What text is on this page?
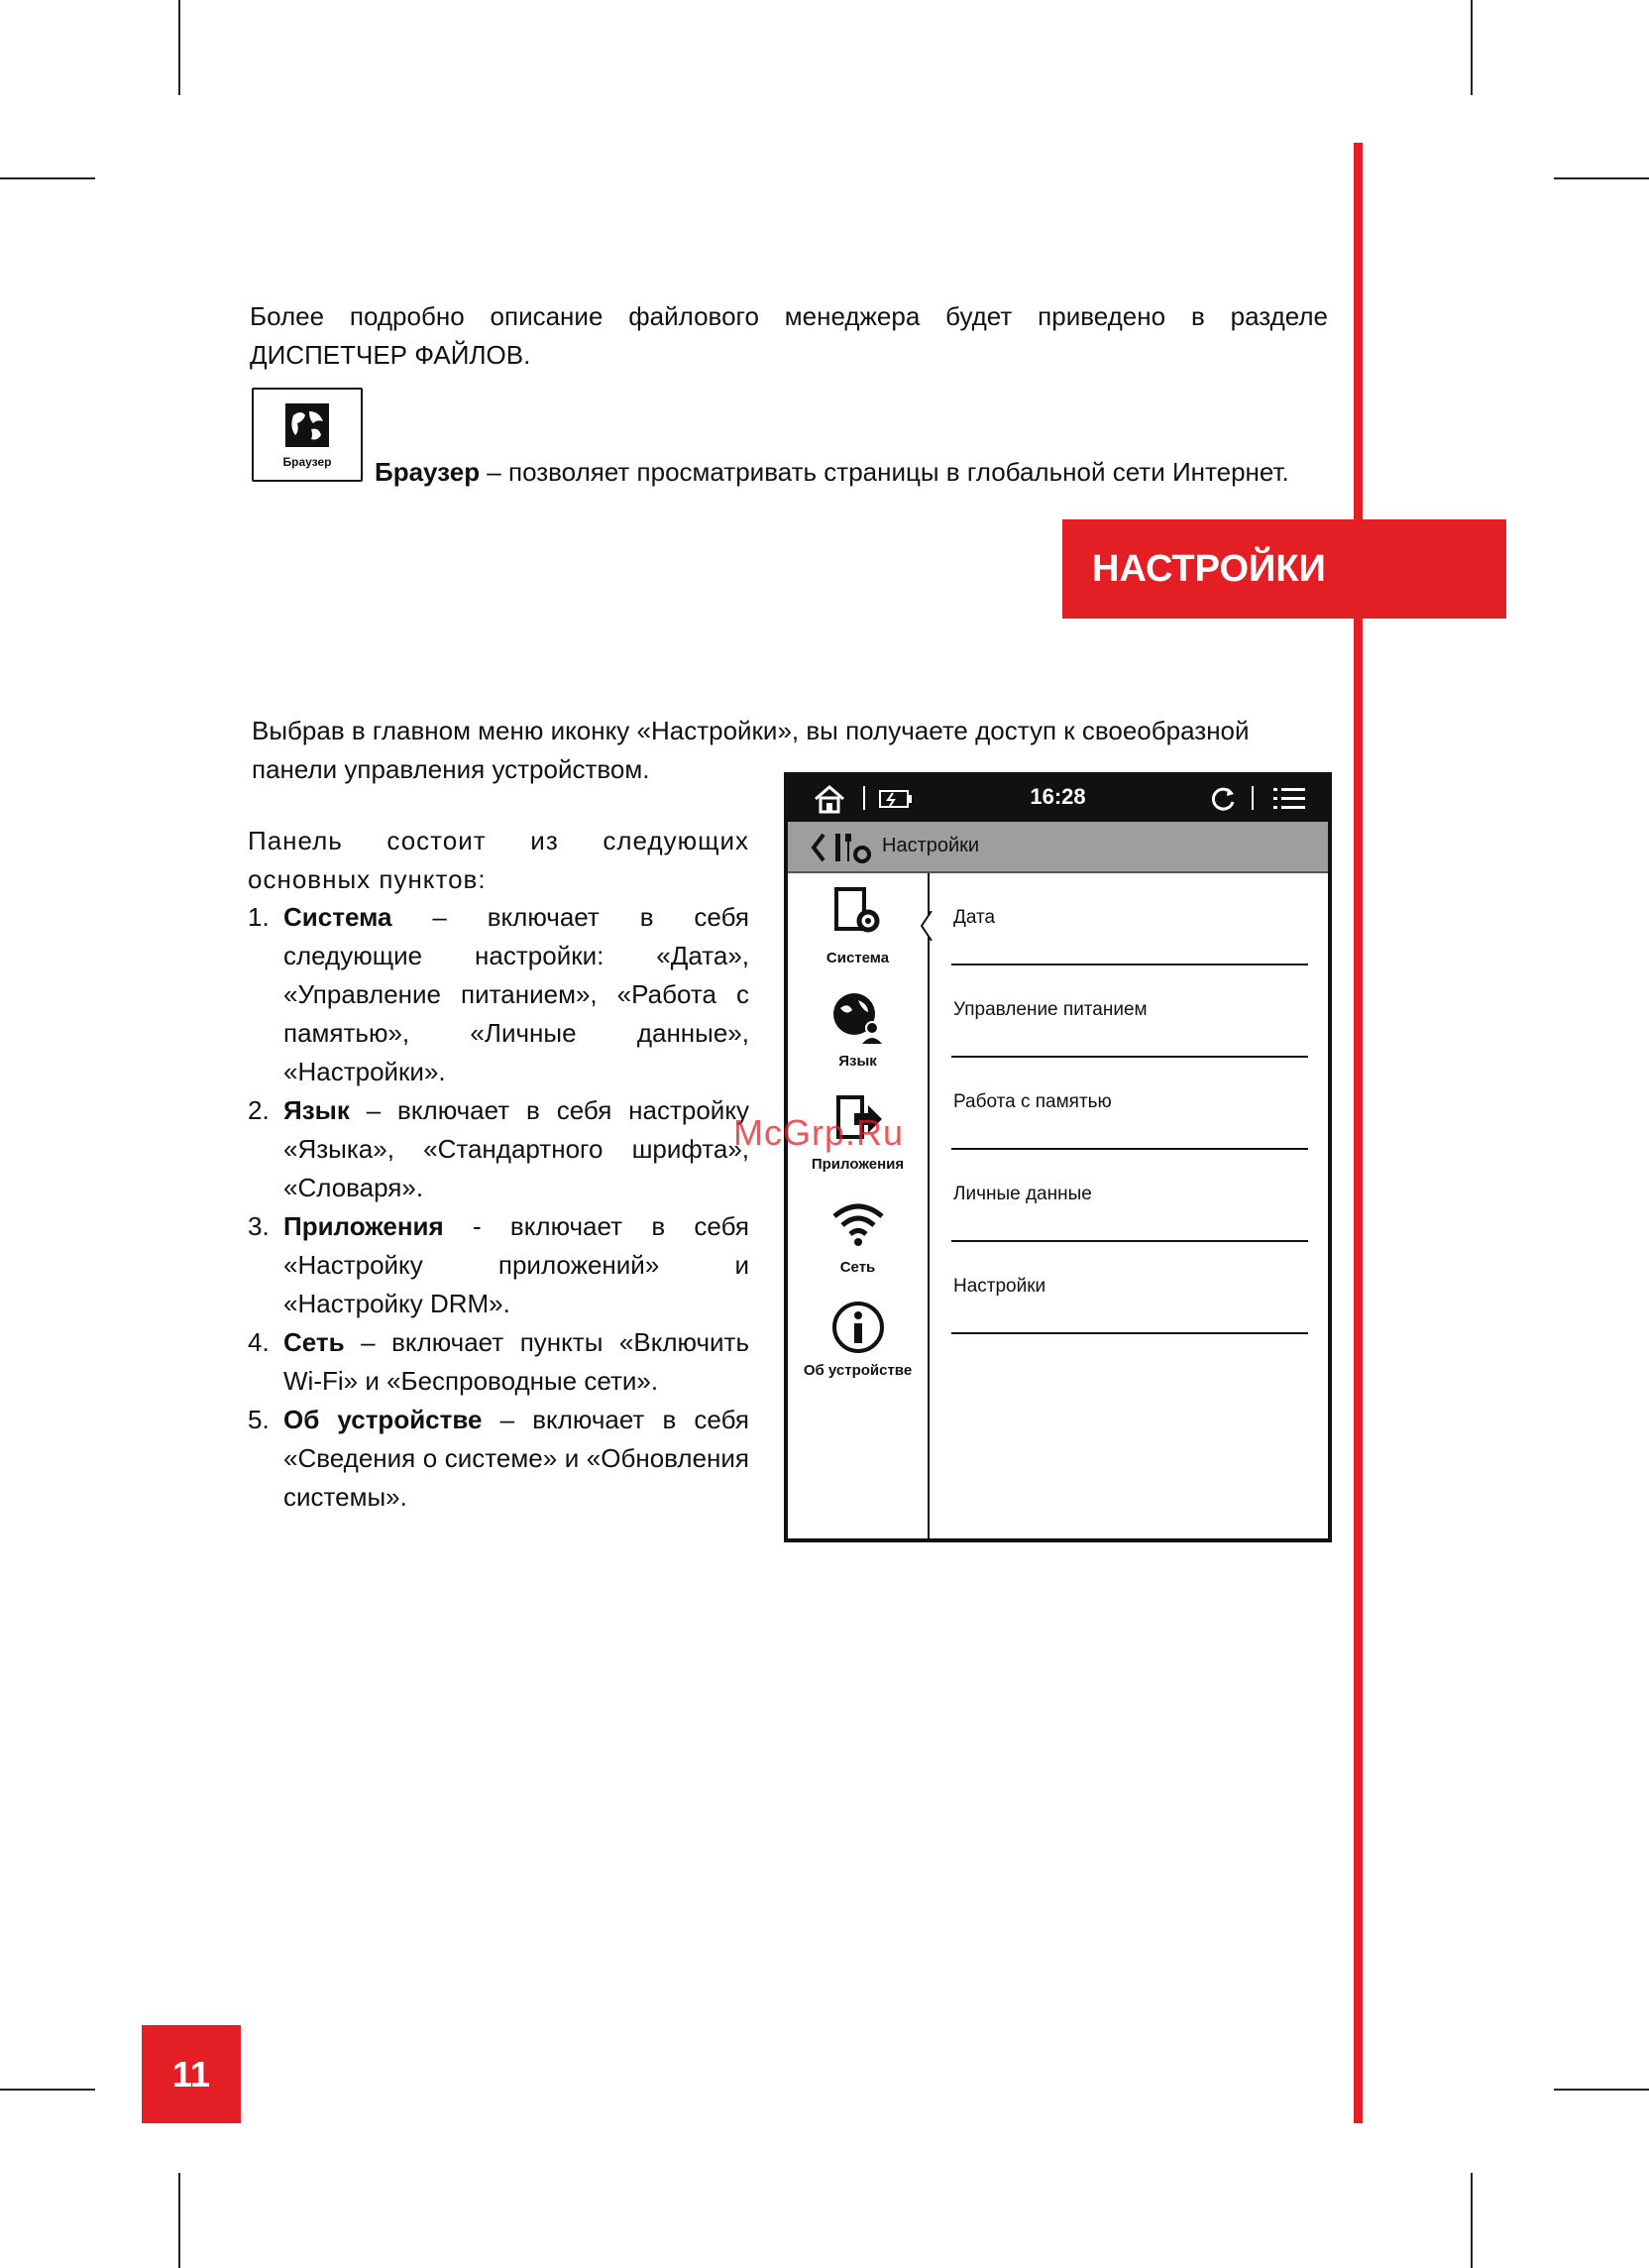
Более подробно описание файлового менеджера будет приведено в разделе ДИСПЕТЧЕР ФАЙЛОВ.
Браузер	Браузер – позволяет просматривать страницы в глобальной сети Интернет.
НАСТРОЙКИ
Выбрав в главном меню иконку «Настройки», вы получаете доступ к своеобразной панели управления устройством.
Панель состоит из следующих основных пунктов:
1. Система – включает в себя следующие настройки: «Дата», «Управление питанием», «Работа с памятью», «Личные данные», «Настройки».
2. Язык – включает в себя настройку «Языка», «Стандартного шрифта», «Словаря».
3. Приложения - включает в себя «Настройку приложений» и «Настройку DRM».
4. Сеть – включает пункты «Включить Wi-Fi» и «Беспроводные сети».
5. Об устройстве – включает в себя «Сведения о системе» и «Обновления системы».
16:28
Настройки
Система
Язык
Приложения
Сеть
Об устройстве
Дата
Управление питанием
Работа с памятью
Личные данные
Настройки
McGrp.Ru
11
